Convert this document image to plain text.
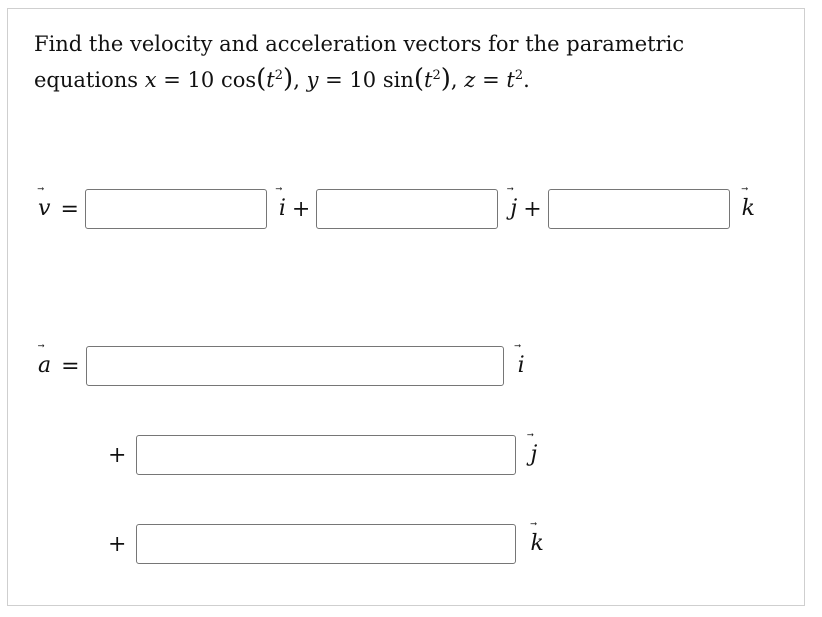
Find the velocity and acceleration vectors for the parametric
equations x = 10 $\cos(t^2)$, y = 10 $\sin(t^2)$, $z = t^2$.
v =	i +	j +	k
a =	i
+	j
+	k
